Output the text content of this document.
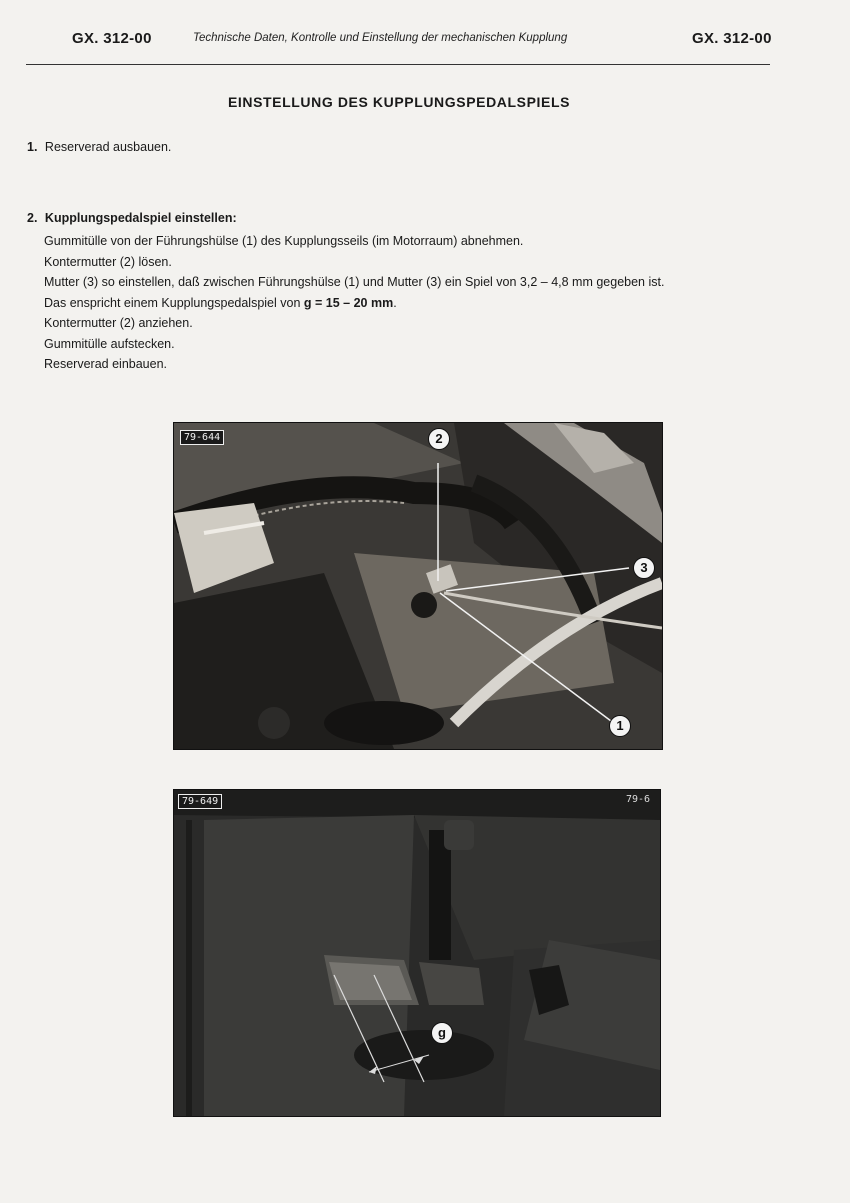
GX. 312-00	Technische Daten, Kontrolle und Einstellung der mechanischen Kupplung	GX. 312-00
EINSTELLUNG DES KUPPLUNGSPEDALSPIELS
1. Reserverad ausbauen.
2. Kupplungspedalspiel einstellen:
Gummitülle von der Führungshülse (1) des Kupplungsseils (im Motorraum) abnehmen.
Kontermutter (2) lösen.
Mutter (3) so einstellen, daß zwischen Führungshülse (1) und Mutter (3) ein Spiel von 3,2 – 4,8 mm gegeben ist.
Das enspricht einem Kupplungspedalspiel von g = 15 – 20 mm.
Kontermutter (2) anziehen.
Gummitülle aufstecken.
Reserverad einbauen.
79-644	2
3
1
79-649	79-6
g
